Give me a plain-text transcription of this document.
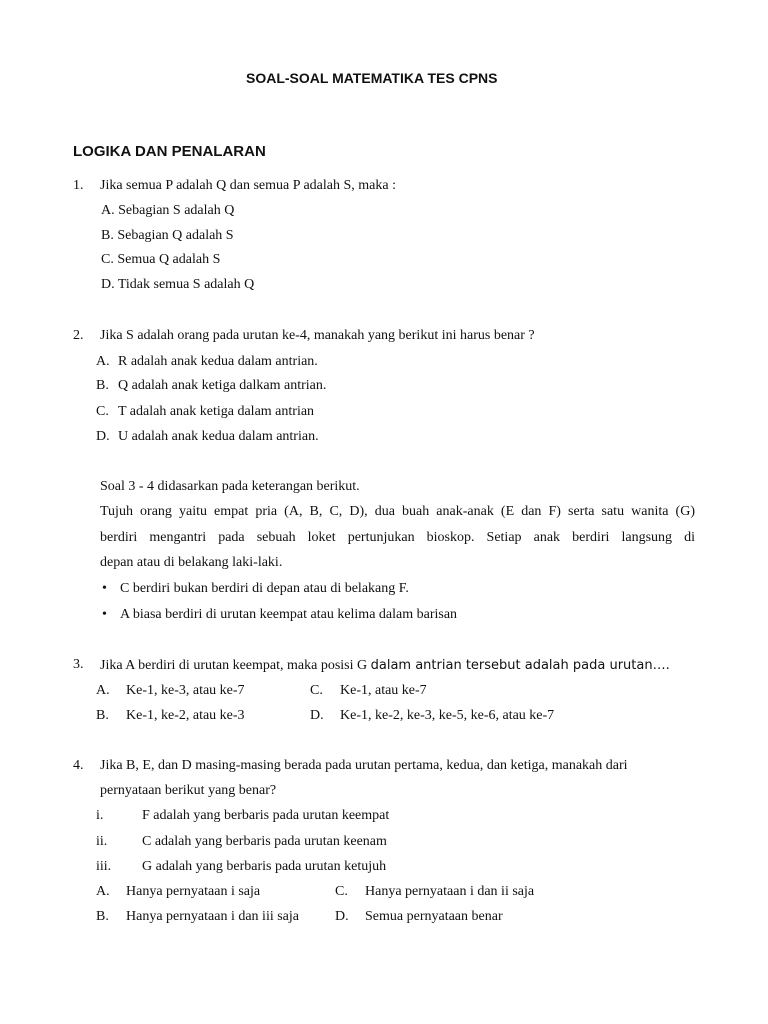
SOAL-SOAL MATEMATIKA TES CPNS
LOGIKA DAN PENALARAN
1. Jika semua P adalah Q dan semua P adalah S, maka :
A. Sebagian S adalah Q
B. Sebagian Q adalah S
C. Semua Q adalah S
D. Tidak semua S adalah Q
2. Jika S adalah orang pada urutan ke-4, manakah yang berikut ini harus benar ?
A. R adalah anak kedua dalam antrian.
B. Q adalah anak ketiga dalkam antrian.
C. T adalah anak ketiga dalam antrian
D. U adalah anak kedua dalam antrian.
Soal 3 - 4 didasarkan pada keterangan berikut.
Tujuh orang yaitu empat pria (A, B, C, D), dua buah anak-anak (E dan F) serta satu wanita (G)
berdiri mengantri pada sebuah loket pertunjukan bioskop. Setiap anak berdiri langsung di
depan atau di belakang laki-laki.
• C berdiri bukan berdiri di depan atau di belakang F.
• A biasa berdiri di urutan keempat atau kelima dalam barisan
3. Jika A berdiri di urutan keempat, maka posisi G dalam antrian tersebut adalah pada urutan….
A. Ke-1, ke-3, atau ke-7	C. Ke-1, atau ke-7
B. Ke-1, ke-2, atau ke-3	D. Ke-1, ke-2, ke-3, ke-5, ke-6, atau ke-7
4. Jika B, E, dan D masing-masing berada pada urutan pertama, kedua, dan ketiga, manakah dari
pernyataan berikut yang benar?
i.	F adalah yang berbaris pada urutan keempat
ii. C adalah yang berbaris pada urutan keenam
iii. G adalah yang berbaris pada urutan ketujuh
A. Hanya pernyataan i saja	C. Hanya pernyataan i dan ii saja
B. Hanya pernyataan i dan iii saja	D. Semua pernyataan benar
